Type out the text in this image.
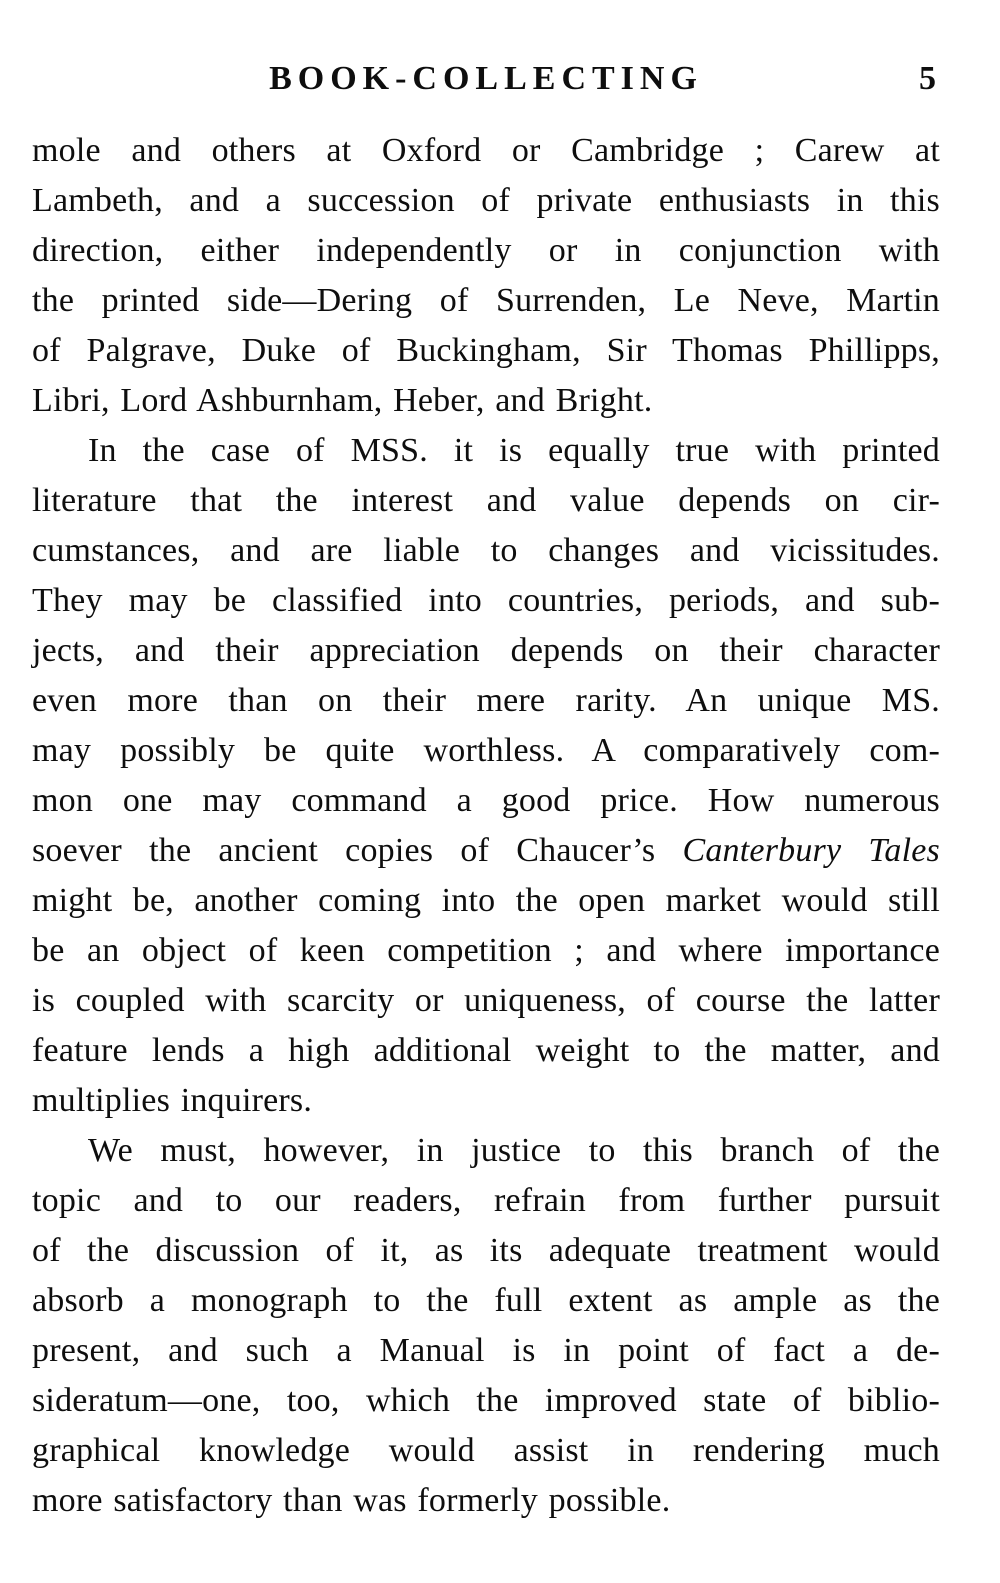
BOOK-COLLECTING	5

mole and others at Oxford or Cambridge ; Carew at
Lambeth, and a succession of private enthusiasts in this
direction, either independently or in conjunction with
the printed side—Dering of Surrenden, Le Neve, Martin
of Palgrave, Duke of Buckingham, Sir Thomas Phillipps,
Libri, Lord Ashburnham, Heber, and Bright.

In the case of MSS. it is equally true with printed
literature that the interest and value depends on cir-
cumstances, and are liable to changes and vicissitudes.
They may be classified into countries, periods, and sub-
jects, and their appreciation depends on their character
even more than on their mere rarity. An unique MS.
may possibly be quite worthless. A comparatively com-
mon one may command a good price. How numerous
soever the ancient copies of Chaucer’s Canterbury Tales
might be, another coming into the open market would still
be an object of keen competition ; and where importance
is coupled with scarcity or uniqueness, of course the latter
feature lends a high additional weight to the matter, and
multiplies inquirers.

We must, however, in justice to this branch of the
topic and to our readers, refrain from further pursuit
of the discussion of it, as its adequate treatment would
absorb a monograph to the full extent as ample as the
present, and such a Manual is in point of fact a de-
sideratum—one, too, which the improved state of biblio-
graphical knowledge would assist in rendering much
more satisfactory than was formerly possible.
